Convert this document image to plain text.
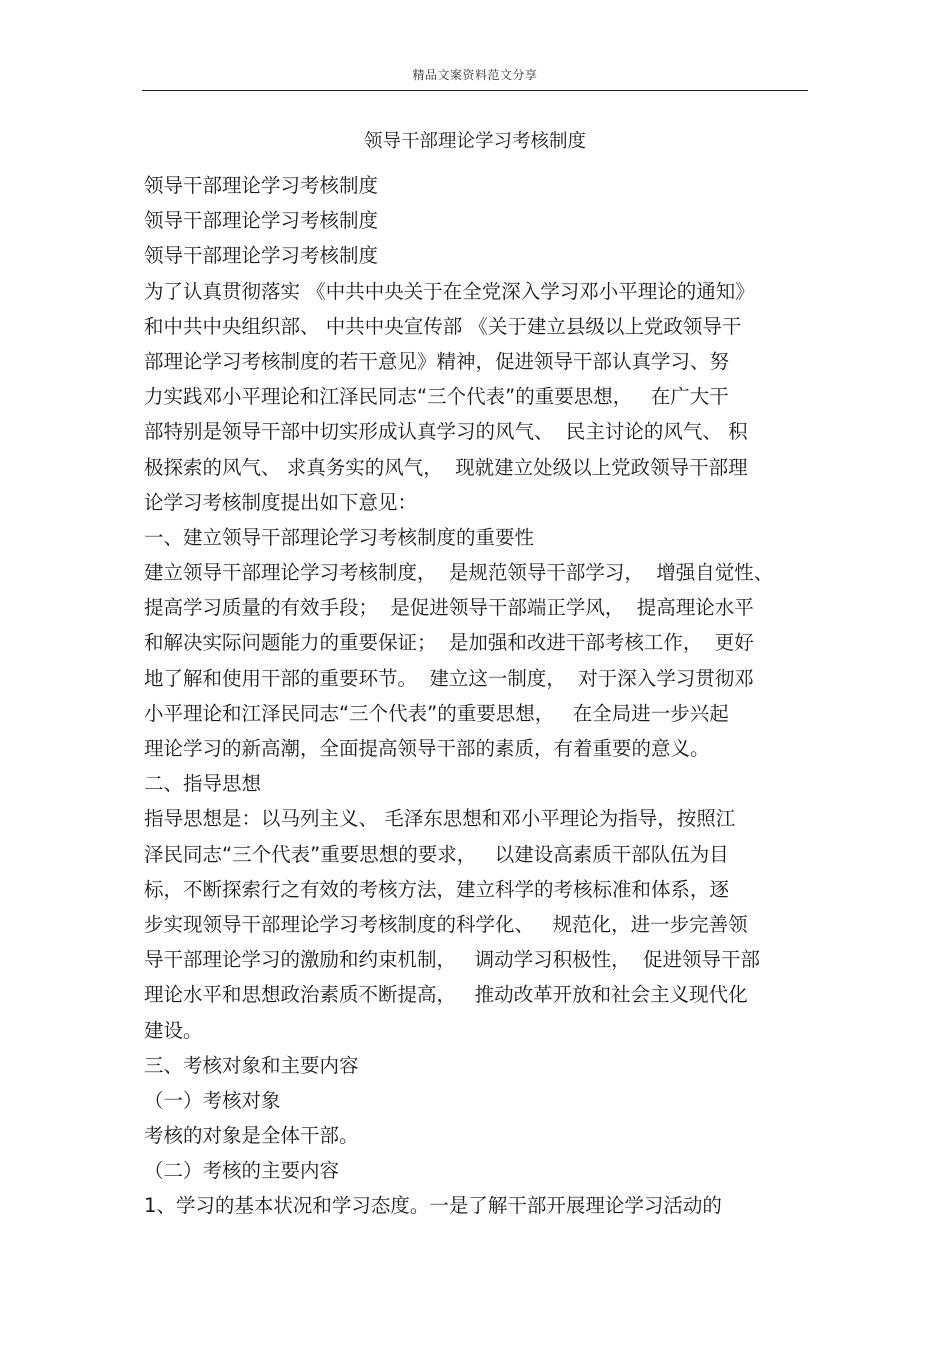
精品文案资料范文分享
领导干部理论学习考核制度
领导干部理论学习考核制度
领导干部理论学习考核制度
领导干部理论学习考核制度
为了认真贯彻落实 《中共中央关于在全党深入学习邓小平理论的通知》
和中共中央组织部、 中共中央宣传部 《关于建立县级以上党政领导干
部理论学习考核制度的若干意见》精神，促进领导干部认真学习、努
力实践邓小平理论和江泽民同志“三个代表”的重要思想，   在广大干
部特别是领导干部中切实形成认真学习的风气、  民主讨论的风气、 积
极探索的风气、 求真务实的风气，  现就建立处级以上党政领导干部理
论学习考核制度提出如下意见：
一、建立领导干部理论学习考核制度的重要性
建立领导干部理论学习考核制度，  是规范领导干部学习，  增强自觉性、
提高学习质量的有效手段；  是促进领导干部端正学风，  提高理论水平
和解决实际问题能力的重要保证；  是加强和改进干部考核工作，  更好
地了解和使用干部的重要环节。  建立这一制度，  对于深入学习贯彻邓
小平理论和江泽民同志“三个代表”的重要思想，   在全局进一步兴起
理论学习的新高潮，全面提高领导干部的素质，有着重要的意义。
二、指导思想
指导思想是：以马列主义、 毛泽东思想和邓小平理论为指导，按照江
泽民同志“三个代表”重要思想的要求，   以建设高素质干部队伍为目
标，不断探索行之有效的考核方法，建立科学的考核标准和体系，逐
步实现领导干部理论学习考核制度的科学化、   规范化，进一步完善领
导干部理论学习的激励和约束机制，   调动学习积极性，  促进领导干部
理论水平和思想政治素质不断提高，   推动改革开放和社会主义现代化
建设。
三、考核对象和主要内容
（一）考核对象
考核的对象是全体干部。
（二）考核的主要内容
1、学习的基本状况和学习态度。一是了解干部开展理论学习活动的
